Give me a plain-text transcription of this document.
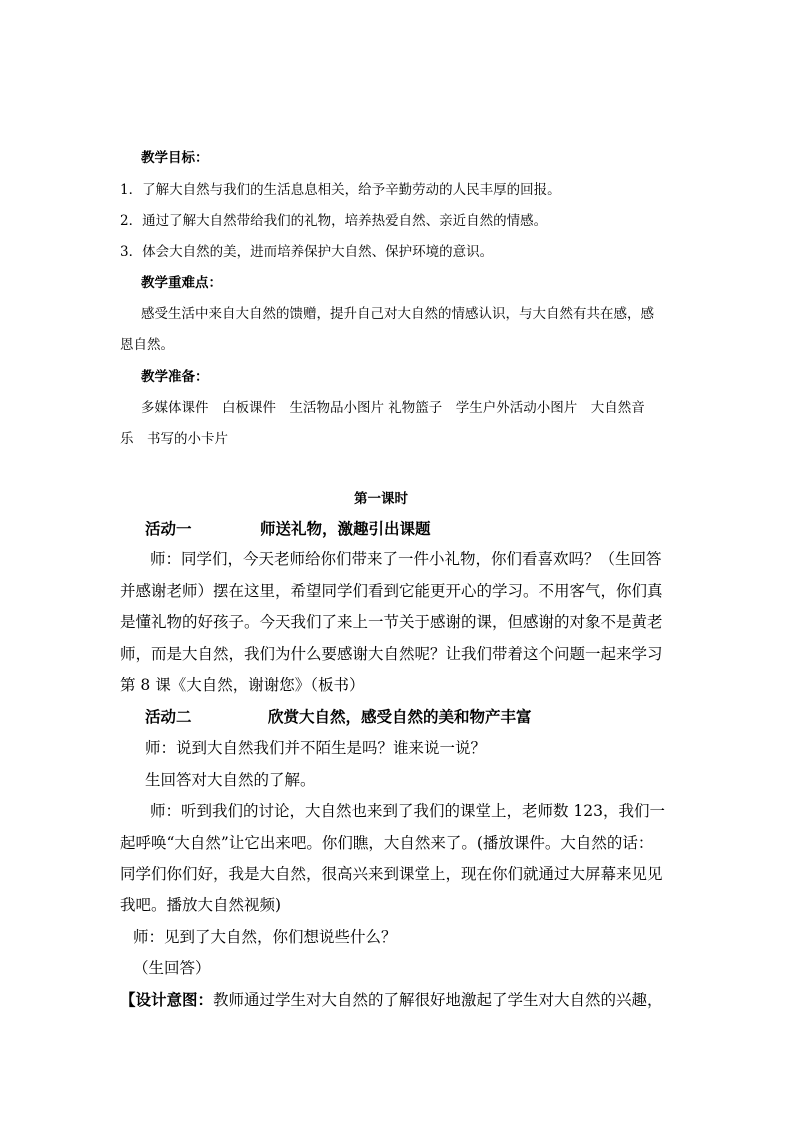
教学目标：
1．了解大自然与我们的生活息息相关，给予辛勤劳动的人民丰厚的回报。
2．通过了解大自然带给我们的礼物，培养热爱自然、亲近自然的情感。
3．体会大自然的美，进而培养保护大自然、保护环境的意识。
教学重难点：
感受生活中来自大自然的馈赠，提升自己对大自然的情感认识，与大自然有共在感，感
恩自然。
教学准备：
多媒体课件　白板课件　生活物品小图片 礼物篮子　学生户外活动小图片　大自然音
乐　书写的小卡片
第一课时
活动一	师送礼物，激趣引出课题
师：同学们，今天老师给你们带来了一件小礼物，你们看喜欢吗？（生回答
并感谢老师）摆在这里，希望同学们看到它能更开心的学习。不用客气，你们真
是懂礼物的好孩子。今天我们了来上一节关于感谢的课，但感谢的对象不是黄老
师，而是大自然，我们为什么要感谢大自然呢？让我们带着这个问题一起来学习
第 8 课《大自然，谢谢您》（板书）
活动二	欣赏大自然，感受自然的美和物产丰富
师：说到大自然我们并不陌生是吗？谁来说一说？
生回答对大自然的了解。
师：听到我们的讨论，大自然也来到了我们的课堂上，老师数 123，我们一
起呼唤“大自然”让它出来吧。你们瞧，大自然来了。(播放课件。大自然的话：
同学们你们好，我是大自然，很高兴来到课堂上，现在你们就通过大屏幕来见见
我吧。播放大自然视频)
师：见到了大自然，你们想说些什么？
（生回答）
【设计意图：教师通过学生对大自然的了解很好地激起了学生对大自然的兴趣，
